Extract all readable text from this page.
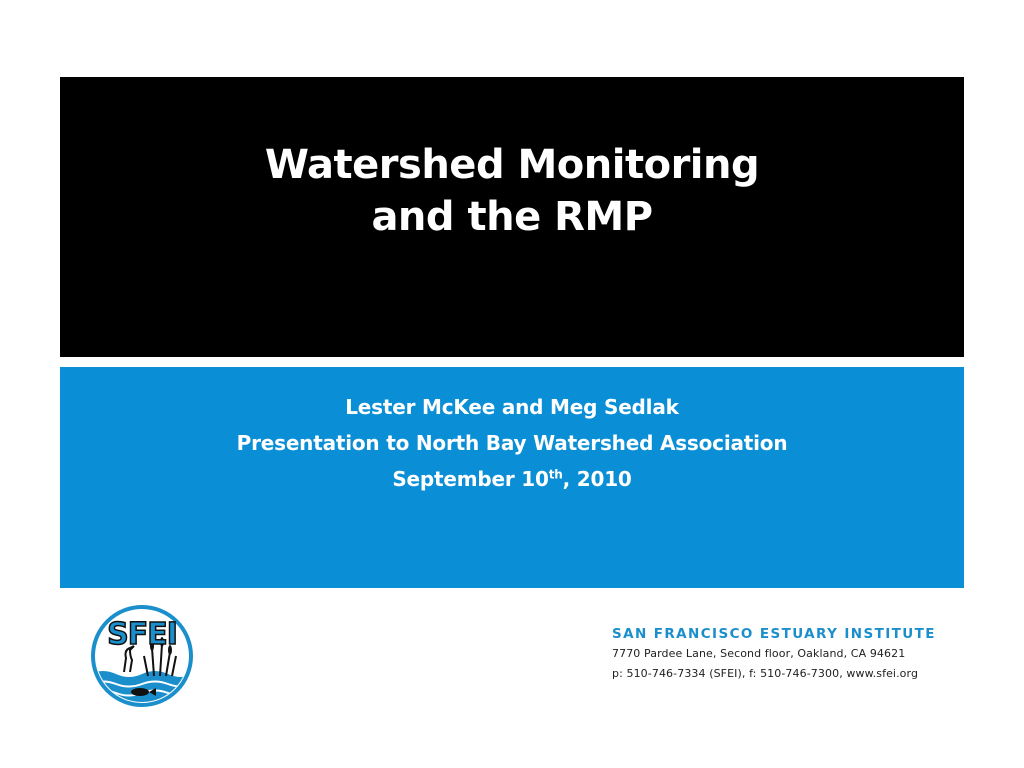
Watershed Monitoring
and the RMP
Lester McKee and Meg Sedlak
Presentation to North Bay Watershed Association
September 10th, 2010
SFEI	SAN FRANCISCO ESTUARY INSTITUTE
7770 Pardee Lane, Second floor, Oakland, CA 94621
p: 510-746-7334 (SFEI), f: 510-746-7300, www.sfei.org
